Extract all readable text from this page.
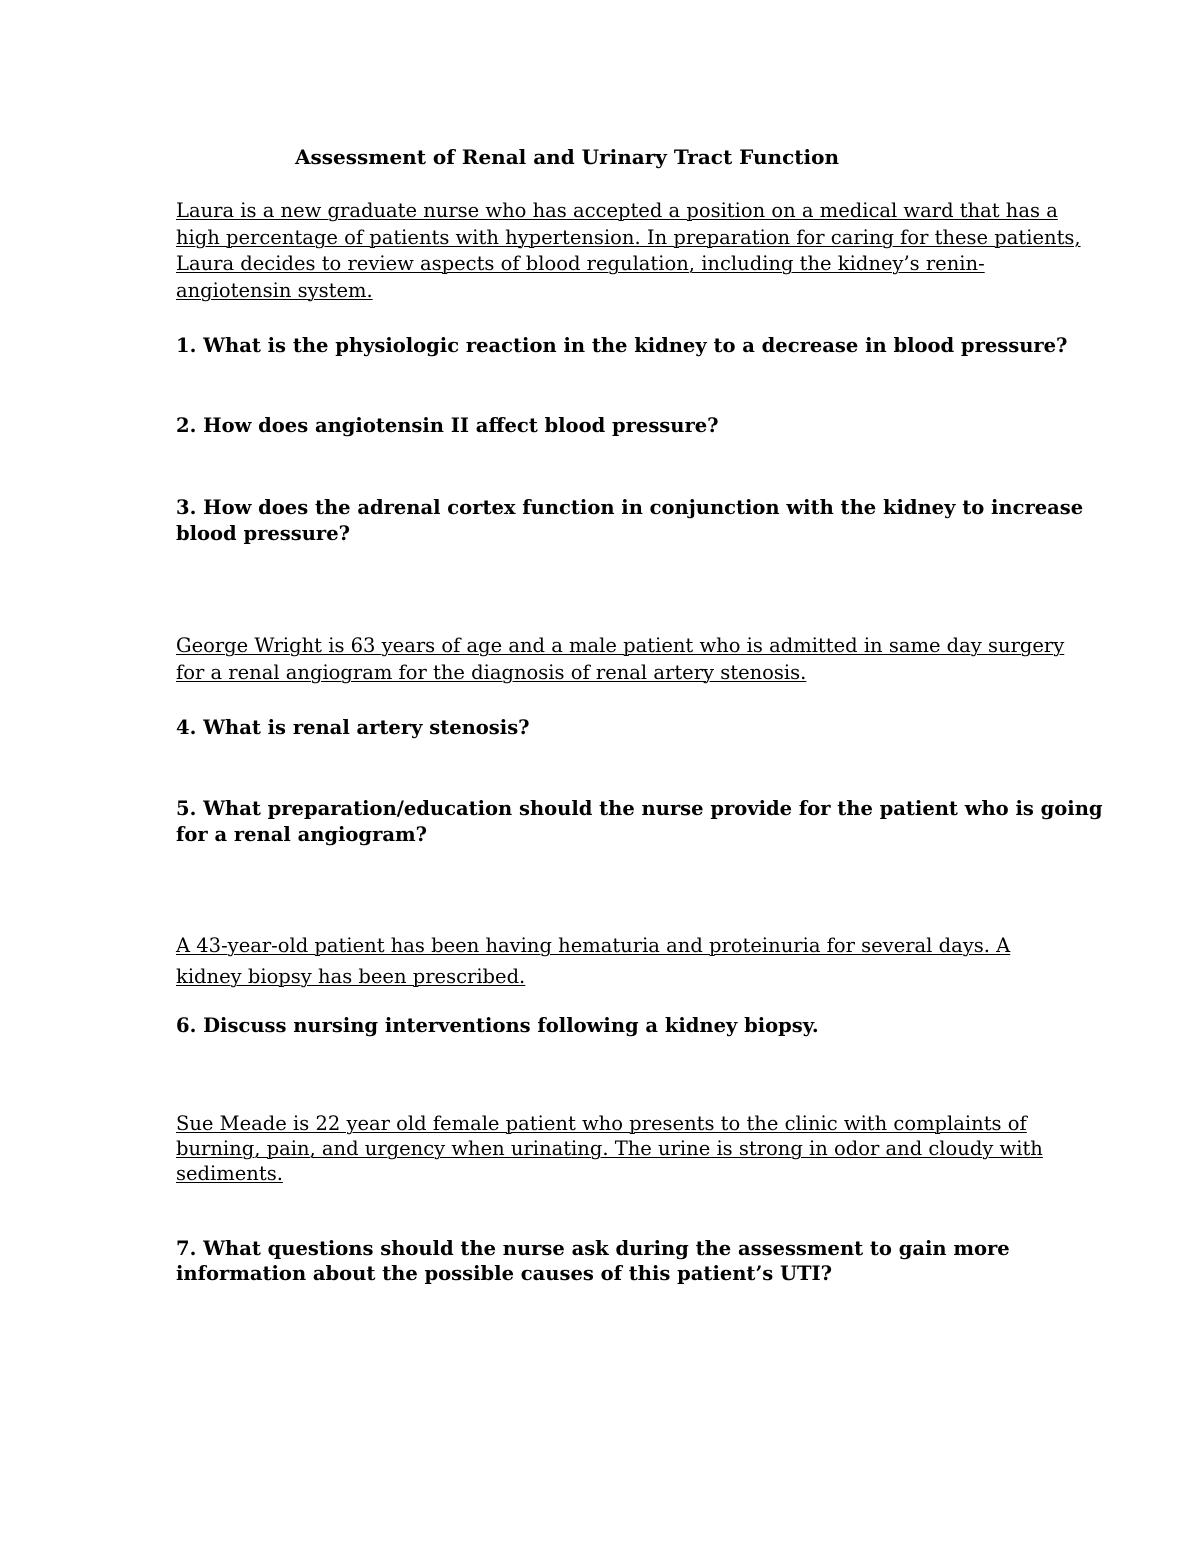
Assessment of Renal and Urinary Tract Function
Laura is a new graduate nurse who has accepted a position on a medical ward that has a
high percentage of patients with hypertension. In preparation for caring for these patients,
Laura decides to review aspects of blood regulation, including the kidney’s renin-
angiotensin system.
1. What is the physiologic reaction in the kidney to a decrease in blood pressure?
2. How does angiotensin II affect blood pressure?
3. How does the adrenal cortex function in conjunction with the kidney to increase
blood pressure?
George Wright is 63 years of age and a male patient who is admitted in same day surgery
for a renal angiogram for the diagnosis of renal artery stenosis.
4. What is renal artery stenosis?
5. What preparation/education should the nurse provide for the patient who is going
for a renal angiogram?
A 43-year-old patient has been having hematuria and proteinuria for several days. A
kidney biopsy has been prescribed.
6. Discuss nursing interventions following a kidney biopsy.
Sue Meade is 22 year old female patient who presents to the clinic with complaints of
burning, pain, and urgency when urinating. The urine is strong in odor and cloudy with
sediments.
7. What questions should the nurse ask during the assessment to gain more
information about the possible causes of this patient’s UTI?
